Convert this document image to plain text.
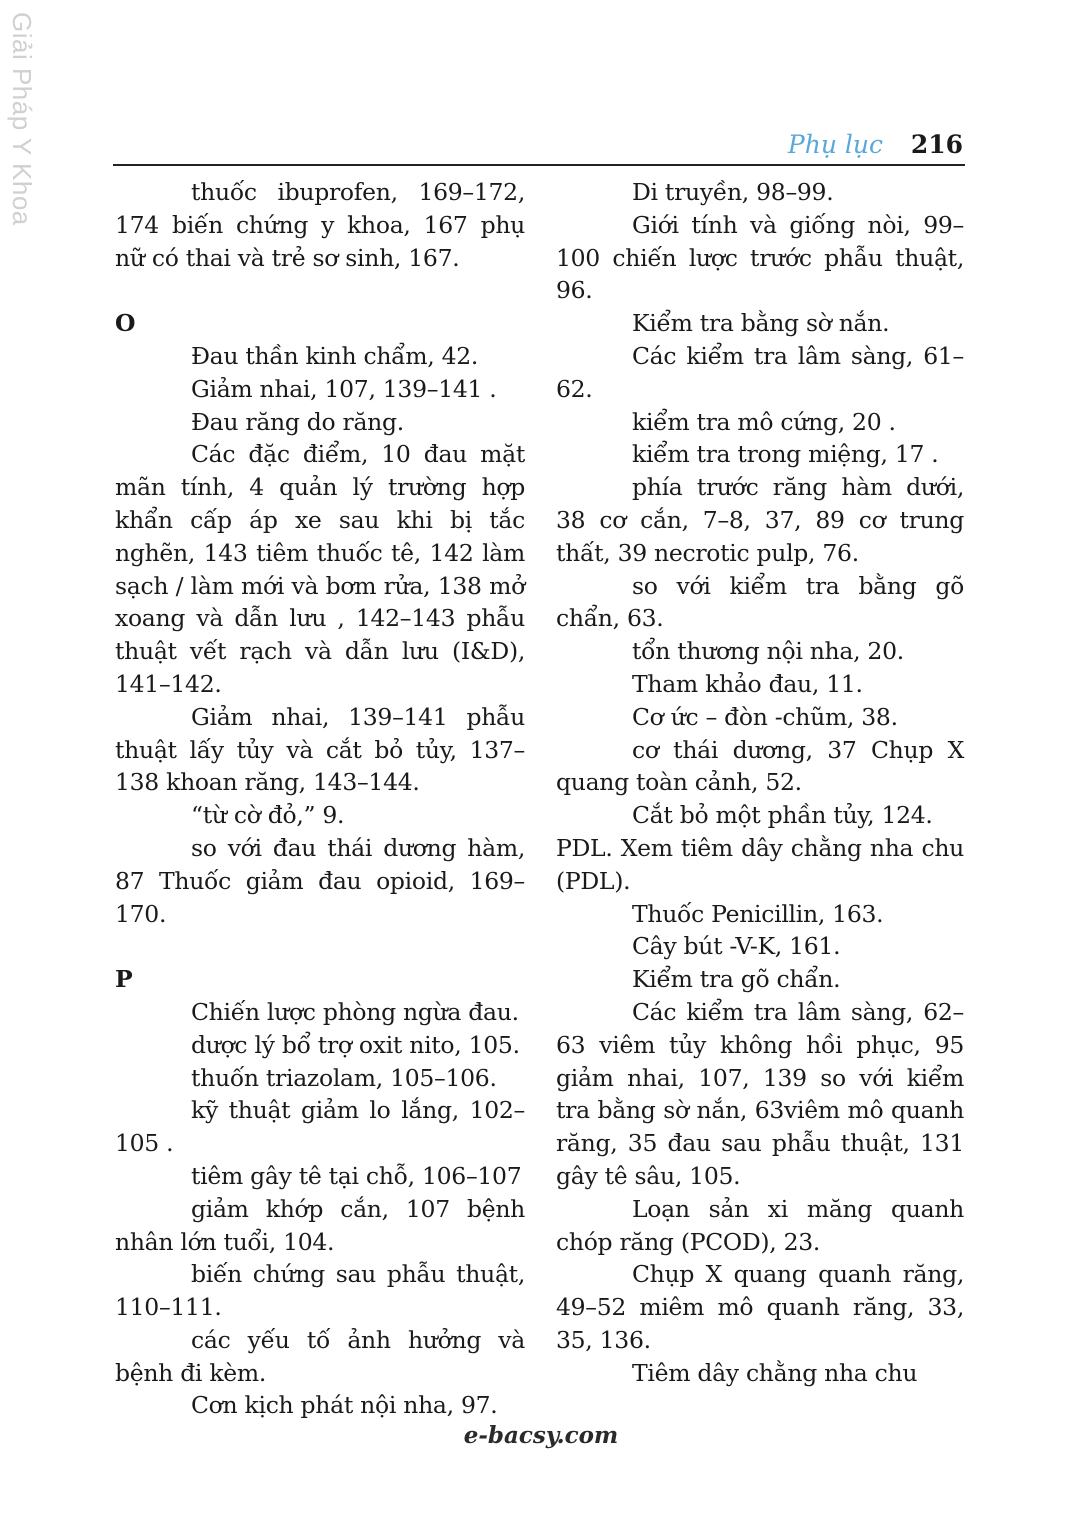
Giải Pháp Y Khoa	Phụ lục 216

thuốc ibuprofen, 169–172, 174 biến chứng y khoa, 167 phụ nữ có thai và trẻ sơ sinh, 167.

O

Đau thần kinh chẩm, 42.

Giảm nhai, 107, 139–141 .

Đau răng do răng.

Các đặc điểm, 10 đau mặt mãn tính, 4 quản lý trường hợp khẩn cấp áp xe sau khi bị tắc nghẽn, 143 tiêm thuốc tê, 142 làm sạch / làm mới và bơm rửa, 138 mở xoang và dẫn lưu , 142–143 phẫu thuật vết rạch và dẫn lưu (I&D), 141–142.

Giảm nhai, 139–141 phẫu thuật lấy tủy và cắt bỏ tủy, 137–138 khoan răng, 143–144.

“từ cờ đỏ,” 9.

so với đau thái dương hàm, 87 Thuốc giảm đau opioid, 169–170.

P

Chiến lược phòng ngừa đau.

dược lý bổ trợ oxit nito, 105.

thuốn triazolam, 105–106.

kỹ thuật giảm lo lắng, 102–105 .

tiêm gây tê tại chỗ, 106–107

giảm khớp cắn, 107 bệnh nhân lớn tuổi, 104.

biến chứng sau phẫu thuật, 110–111.

các yếu tố ảnh hưởng và bệnh đi kèm.

Cơn kịch phát nội nha, 97.

Di truyền, 98–99.

Giới tính và giống nòi, 99–100 chiến lược trước phẫu thuật, 96.

Kiểm tra bằng sờ nắn.

Các kiểm tra lâm sàng, 61–62.

kiểm tra mô cứng, 20 .

kiểm tra trong miệng, 17 .

phía trước răng hàm dưới, 38 cơ cắn, 7–8, 37, 89 cơ trung thất, 39 necrotic pulp, 76.

so với kiểm tra bằng gõ chẩn, 63.

tổn thương nội nha, 20.

Tham khảo đau, 11.

Cơ ức – đòn -chũm, 38.

cơ thái dương, 37 Chụp X quang toàn cảnh, 52.

Cắt bỏ một phần tủy, 124.

PDL. Xem tiêm dây chằng nha chu (PDL).

Thuốc Penicillin, 163.

Cây bút -V-K, 161.

Kiểm tra gõ chẩn.

Các kiểm tra lâm sàng, 62–63 viêm tủy không hồi phục, 95 giảm nhai, 107, 139 so với kiểm tra bằng sờ nắn, 63viêm mô quanh răng, 35 đau sau phẫu thuật, 131 gây tê sâu, 105.

Loạn sản xi măng quanh chóp răng (PCOD), 23.

Chụp X quang quanh răng, 49–52 miêm mô quanh răng, 33, 35, 136.

Tiêm dây chằng nha chu

e-bacsy.com
